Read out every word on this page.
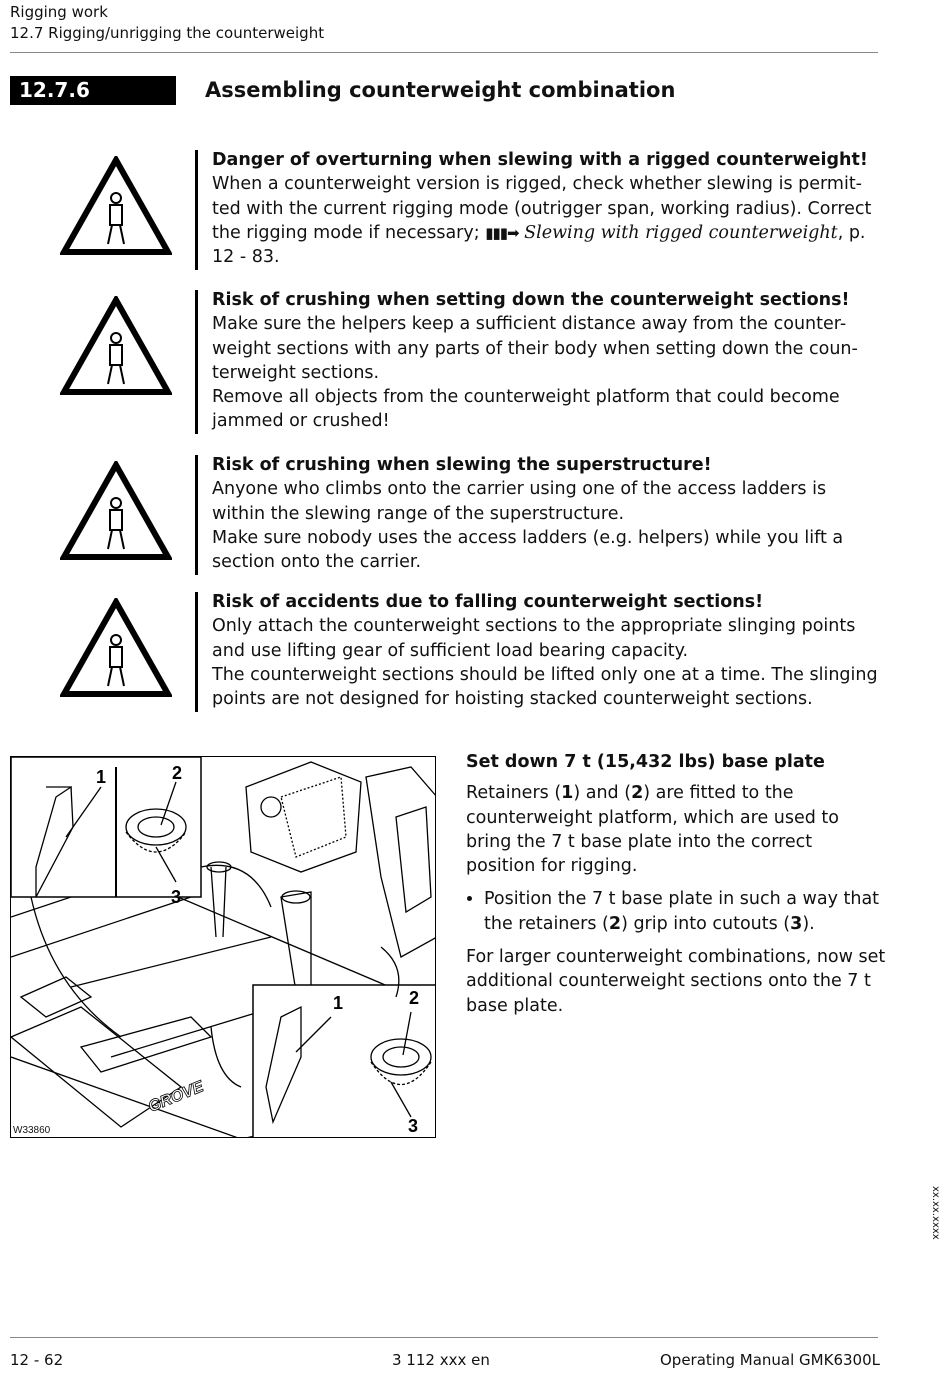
Rigging work
12.7 Rigging/unrigging the counterweight
12.7.6	Assembling counterweight combination
Danger of overturning when slewing with a rigged counterweight!
When a counterweight version is rigged, check whether slewing is permit-ted with the current rigging mode (outrigger span, working radius). Correct the rigging mode if necessary; ▮▮▮➡ Slewing with rigged counterweight, p. 12 - 83.
Risk of crushing when setting down the counterweight sections!
Make sure the helpers keep a sufficient distance away from the counter-weight sections with any parts of their body when setting down the coun-terweight sections.
Remove all objects from the counterweight platform that could become jammed or crushed!
Risk of crushing when slewing the superstructure!
Anyone who climbs onto the carrier using one of the access ladders is within the slewing range of the superstructure.
Make sure nobody uses the access ladders (e.g. helpers) while you lift a section onto the carrier.
Risk of accidents due to falling counterweight sections!
Only attach the counterweight sections to the appropriate slinging points and use lifting gear of sufficient load bearing capacity.
The counterweight sections should be lifted only one at a time. The slinging points are not designed for hoisting stacked counterweight sections.
1	2
3
1	2
3
GROVE
W33860
Set down 7 t (15,432 lbs) base plate

Retainers (1) and (2) are fitted to the counterweight platform, which are used to bring the 7 t base plate into the correct position for rigging.

• Position the 7 t base plate in such a way that the retainers (2) grip into cutouts (3).

For larger counterweight combinations, now set additional counterweight sections onto the 7 t base plate.

xx.xx.xxxx
12 - 62	3 112 xxx en	Operating Manual GMK6300L
